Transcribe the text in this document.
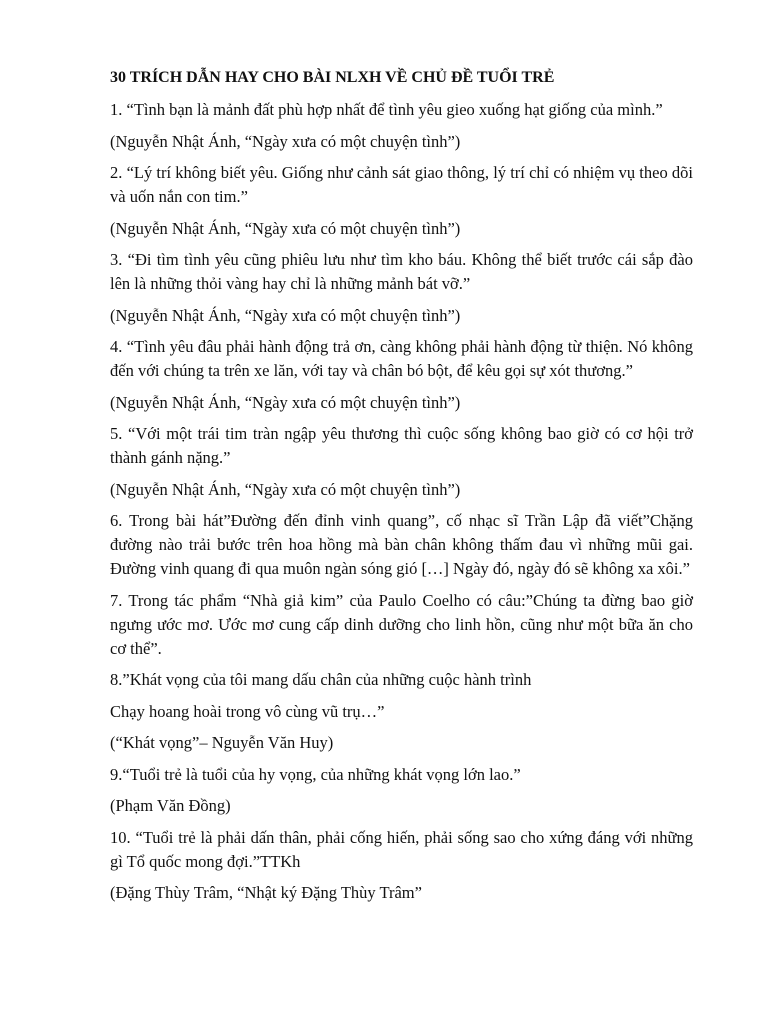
30 TRÍCH DẪN HAY CHO BÀI NLXH VỀ CHỦ ĐỀ TUỔI TRẺ
1. “Tình bạn là mảnh đất phù hợp nhất để tình yêu gieo xuống hạt giống của mình.”
(Nguyễn Nhật Ánh, “Ngày xưa có một chuyện tình”)
2. “Lý trí không biết yêu. Giống như cảnh sát giao thông, lý trí chỉ có nhiệm vụ theo dõi và uốn nắn con tim.”
(Nguyễn Nhật Ánh, “Ngày xưa có một chuyện tình”)
3. “Đi tìm tình yêu cũng phiêu lưu như tìm kho báu. Không thể biết trước cái sắp đào lên là những thỏi vàng hay chỉ là những mảnh bát vỡ.”
(Nguyễn Nhật Ánh, “Ngày xưa có một chuyện tình”)
4. “Tình yêu đâu phải hành động trả ơn, càng không phải hành động từ thiện. Nó không đến với chúng ta trên xe lăn, với tay và chân bó bột, để kêu gọi sự xót thương.”
(Nguyễn Nhật Ánh, “Ngày xưa có một chuyện tình”)
5. “Với một trái tim tràn ngập yêu thương thì cuộc sống không bao giờ có cơ hội trở thành gánh nặng.”
(Nguyễn Nhật Ánh, “Ngày xưa có một chuyện tình”)
6. Trong bài hát”Đường đến đỉnh vinh quang”, cố nhạc sĩ Trần Lập đã viết”Chặng đường nào trải bước trên hoa hồng mà bàn chân không thấm đau vì những mũi gai. Đường vinh quang đi qua muôn ngàn sóng gió […] Ngày đó, ngày đó sẽ không xa xôi.”
7. Trong tác phẩm “Nhà giả kim” của Paulo Coelho có câu:”Chúng ta đừng bao giờ ngưng ước mơ. Ước mơ cung cấp dinh dưỡng cho linh hồn, cũng như một bữa ăn cho cơ thể”.
8.”Khát vọng của tôi mang dấu chân của những cuộc hành trình
Chạy hoang hoài trong vô cùng vũ trụ…”
(“Khát vọng”– Nguyễn Văn Huy)
9.“Tuổi trẻ là tuổi của hy vọng, của những khát vọng lớn lao.”
(Phạm Văn Đồng)
10. “Tuổi trẻ là phải dấn thân, phải cống hiến, phải sống sao cho xứng đáng với những gì Tổ quốc mong đợi.”TTKh
(Đặng Thùy Trâm, “Nhật ký Đặng Thùy Trâm”
